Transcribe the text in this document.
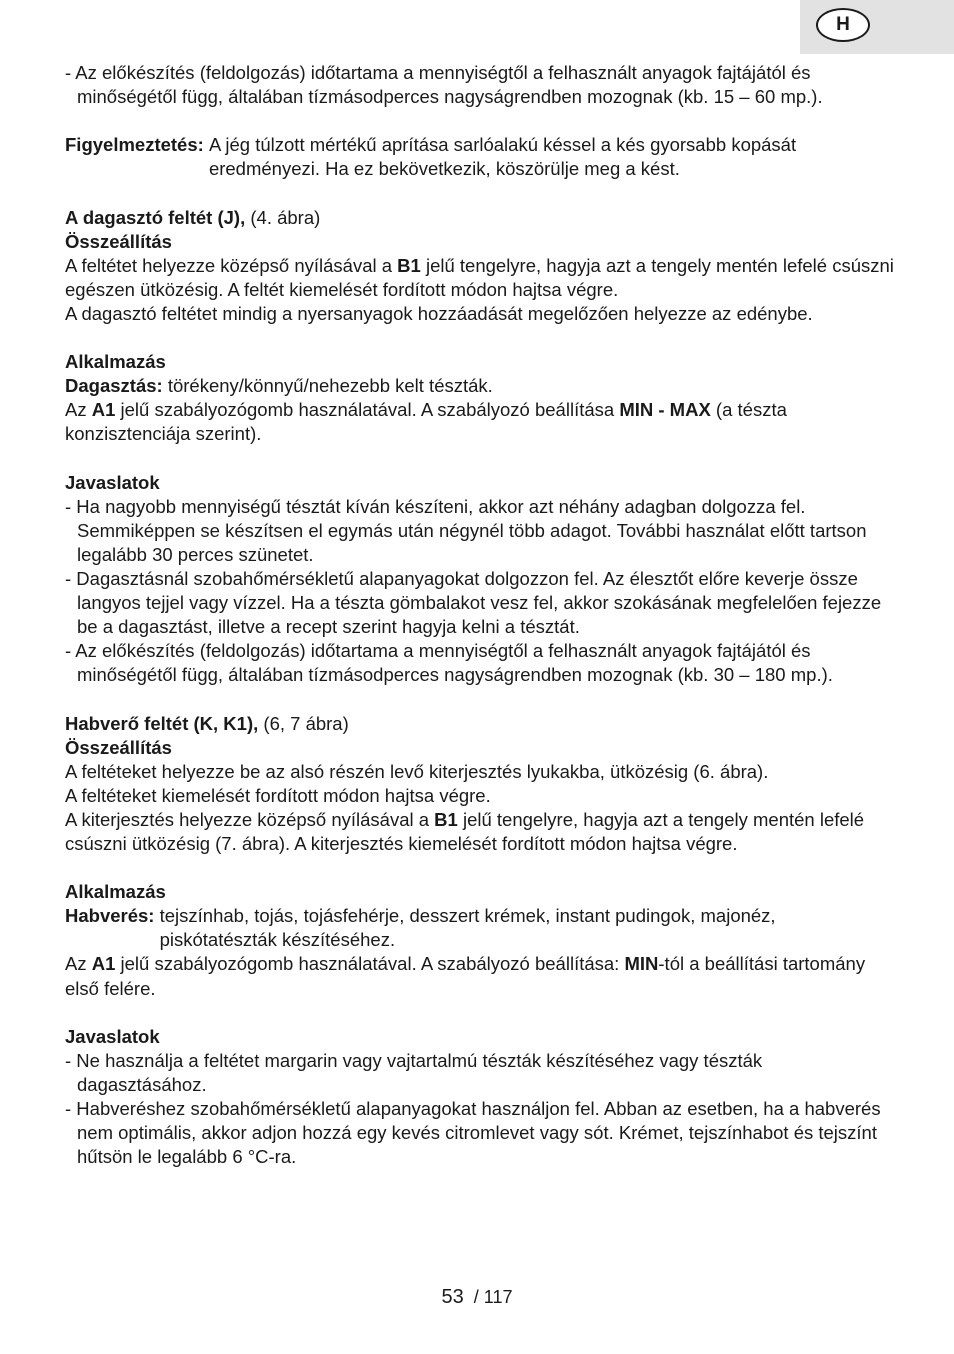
H

- Az előkészítés (feldolgozás) időtartama a mennyiségtől a felhasznált anyagok fajtájától és minőségétől függ, általában tízmásodperces nagyságrendben mozognak (kb. 15 – 60 mp.).

Figyelmeztetés: A jég túlzott mértékű aprítása sarlóalakú késsel a kés gyorsabb kopását eredményezi. Ha ez bekövetkezik, köszörülje meg a kést.

A dagasztó feltét (J), (4. ábra)

Összeállítás

A feltétet helyezze középső nyílásával a B1 jelű tengelyre, hagyja azt a tengely mentén lefelé csúszni egészen ütközésig. A feltét kiemelését fordított módon hajtsa végre.

A dagasztó feltétet mindig a nyersanyagok hozzáadását megelőzően helyezze az edénybe.

Alkalmazás

Dagasztás: törékeny/könnyű/nehezebb kelt tészták.

Az A1 jelű szabályozógomb használatával. A szabályozó beállítása MIN - MAX (a tészta konzisztenciája szerint).

Javaslatok

- Ha nagyobb mennyiségű tésztát kíván készíteni, akkor azt néhány adagban dolgozza fel. Semmiképpen se készítsen el egymás után négynél több adagot. További használat előtt tartson legalább 30 perces szünetet.

- Dagasztásnál szobahőmérsékletű alapanyagokat dolgozzon fel. Az élesztőt előre keverje össze langyos tejjel vagy vízzel. Ha a tészta gömbalakot vesz fel, akkor szokásának megfelelően fejezze be a dagasztást, illetve a recept szerint hagyja kelni a tésztát.

- Az előkészítés (feldolgozás) időtartama a mennyiségtől a felhasznált anyagok fajtájától és minőségétől függ, általában tízmásodperces nagyságrendben mozognak (kb. 30 – 180 mp.).

Habverő feltét (K, K1), (6, 7 ábra)

Összeállítás

A feltéteket helyezze be az alsó részén levő kiterjesztés lyukakba, ütközésig (6. ábra).

A feltéteket kiemelését fordított módon hajtsa végre.

A kiterjesztés helyezze középső nyílásával a B1 jelű tengelyre, hagyja azt a tengely mentén lefelé csúszni ütközésig (7. ábra). A kiterjesztés kiemelését fordított módon hajtsa végre.

Alkalmazás

Habverés: tejszínhab, tojás, tojásfehérje, desszert krémek, instant pudingok, majonéz, piskótatészták készítéséhez.

Az A1 jelű szabályozógomb használatával. A szabályozó beállítása: MIN-tól a beállítási tartomány első felére.

Javaslatok

- Ne használja a feltétet margarin vagy vajtartalmú tészták készítéséhez vagy tészták dagasztásához.

- Habveréshez szobahőmérsékletű alapanyagokat használjon fel. Abban az esetben, ha a habverés nem optimális, akkor adjon hozzá egy kevés citromlevet vagy sót. Krémet, tejszínhabot és tejszínt hűtsön le legalább 6 °C-ra.

53 / 117
